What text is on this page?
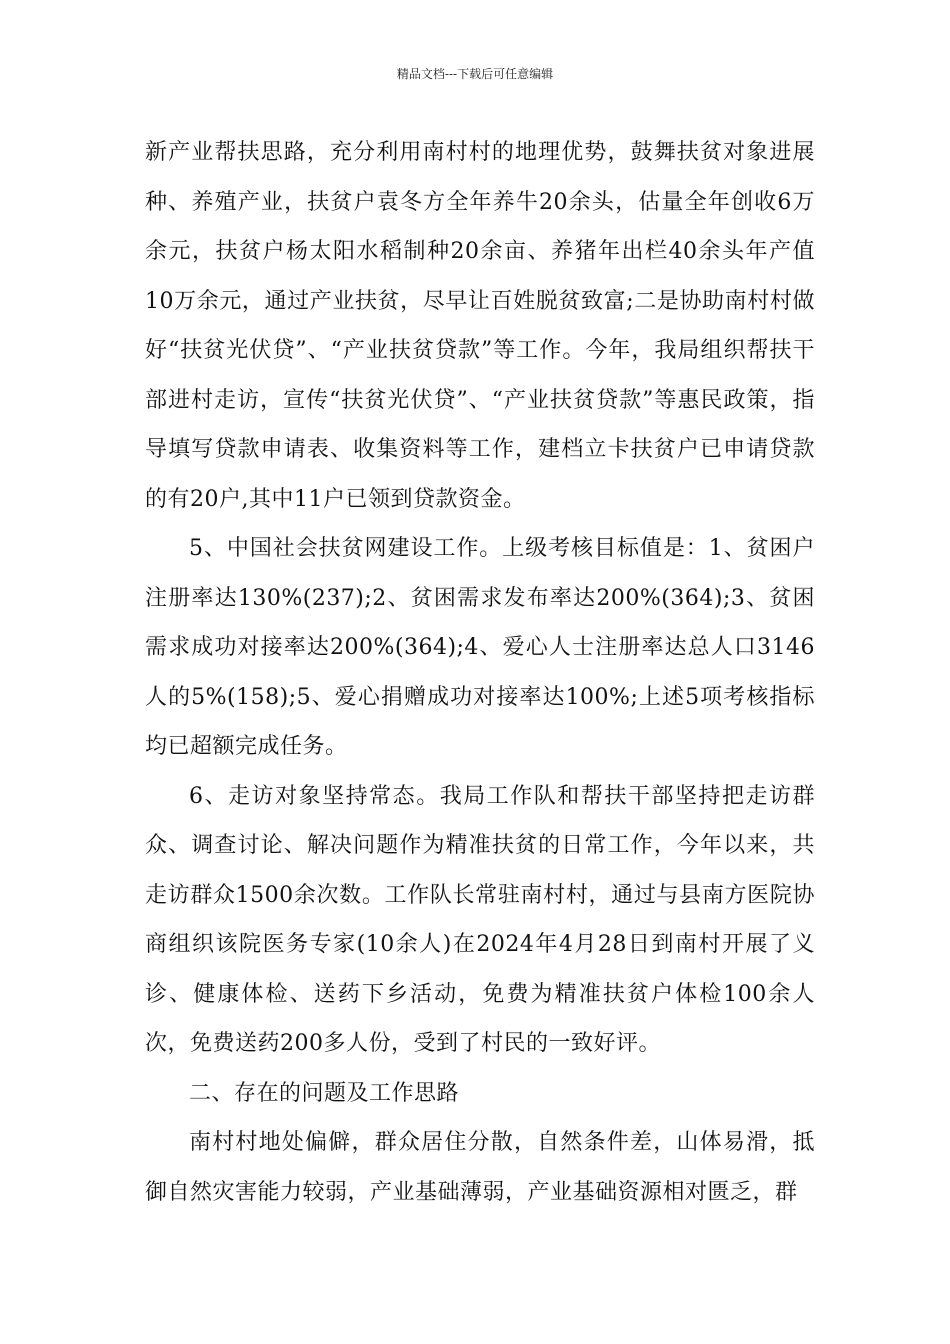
精品文档---下载后可任意编辑

新产业帮扶思路，充分利用南村村的地理优势，鼓舞扶贫对象进展种、养殖产业，扶贫户袁冬方全年养牛20余头，估量全年创收6万余元，扶贫户杨太阳水稻制种20余亩、养猪年出栏40余头年产值10万余元，通过产业扶贫，尽早让百姓脱贫致富;二是协助南村村做好“扶贫光伏贷”、“产业扶贫贷款”等工作。今年，我局组织帮扶干部进村走访，宣传“扶贫光伏贷”、“产业扶贫贷款”等惠民政策，指导填写贷款申请表、收集资料等工作，建档立卡扶贫户已申请贷款的有20户,其中11户已领到贷款资金。

5、中国社会扶贫网建设工作。上级考核目标值是：1、贫困户注册率达130%(237);2、贫困需求发布率达200%(364);3、贫困需求成功对接率达200%(364);4、爱心人士注册率达总人口3146人的5%(158);5、爱心捐赠成功对接率达100%;上述5项考核指标均已超额完成任务。

6、走访对象坚持常态。我局工作队和帮扶干部坚持把走访群众、调查讨论、解决问题作为精准扶贫的日常工作，今年以来，共走访群众1500余次数。工作队长常驻南村村，通过与县南方医院协商组织该院医务专家(10余人)在2024年4月28日到南村开展了义诊、健康体检、送药下乡活动，免费为精准扶贫户体检100余人次，免费送药200多人份，受到了村民的一致好评。

二、存在的问题及工作思路

南村村地处偏僻，群众居住分散，自然条件差，山体易滑，抵御自然灾害能力较弱，产业基础薄弱，产业基础资源相对匮乏，群
